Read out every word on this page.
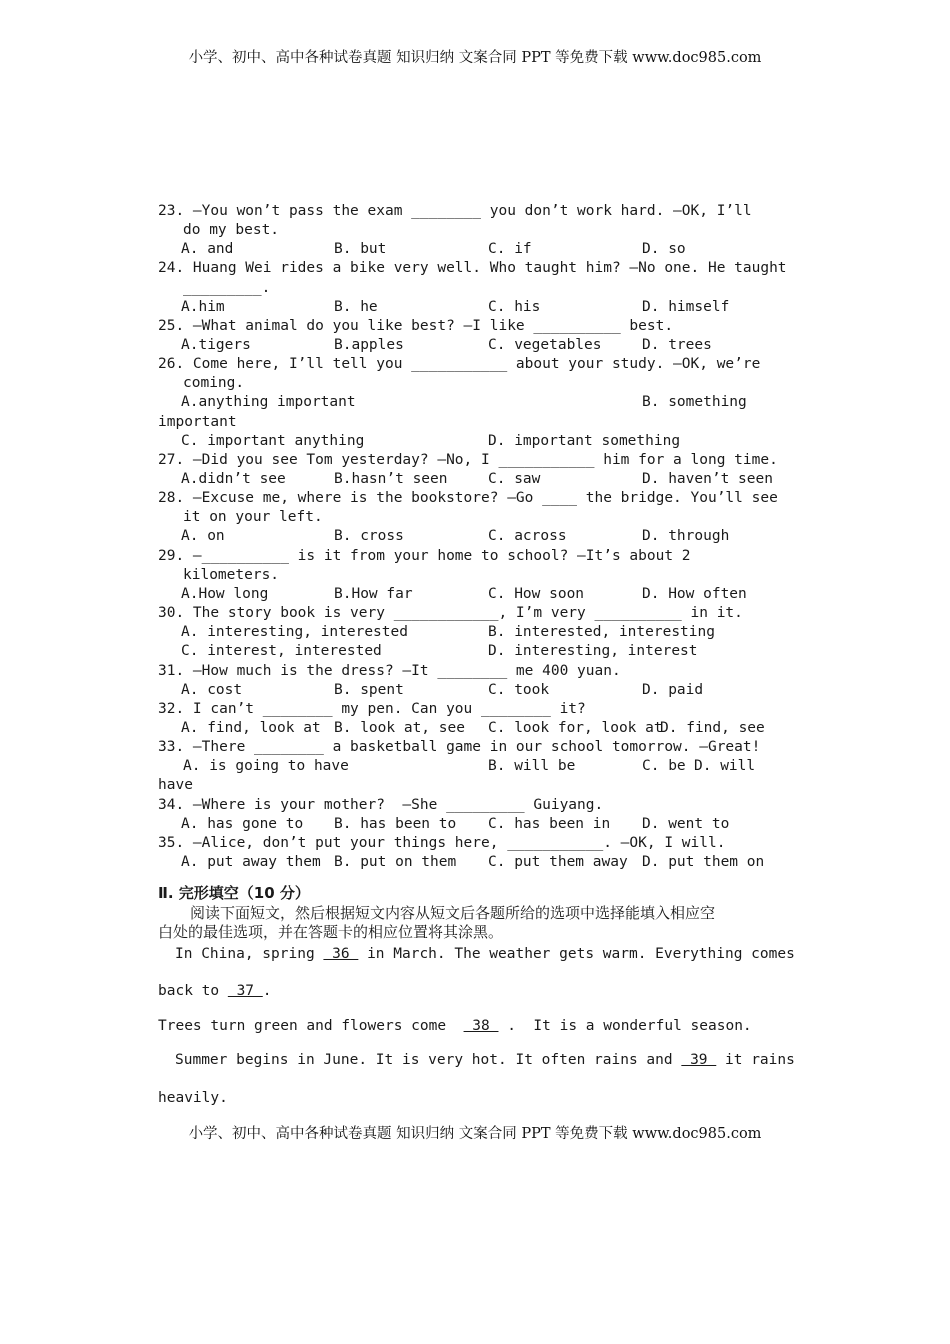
小学、初中、高中各种试卷真题 知识归纳 文案合同 PPT 等免费下载 www.doc985.com
23. —You won’t pass the exam ________ you don’t work hard. —OK, I’ll
do my best.
A. and	B. but	C. if	D. so
24. Huang Wei rides a bike very well. Who taught him? —No one. He taught
_________.
A.him	B. he	C. his	D. himself
25. —What animal do you like best? —I like __________ best.
A.tigers	B.apples	C. vegetables	D. trees
26. Come here, I’ll tell you ___________ about your study. —OK, we’re
coming.
A.anything important	B. something
important
C. important anything	D. important something
27. —Did you see Tom yesterday? —No, I ___________ him for a long time.
A.didn’t see	B.hasn’t seen	C. saw	D. haven’t seen
28. —Excuse me, where is the bookstore? —Go ____ the bridge. You’ll see
it on your left.
A. on	B. cross	C. across	D. through
29. —__________ is it from your home to school? —It’s about 2
kilometers.
A.How long	B.How far	C. How soon	D. How often
30. The story book is very ____________, I’m very __________ in it.
A. interesting, interested	B. interested, interesting
C. interest, interested	D. interesting, interest
31. —How much is the dress? —It ________ me 400 yuan.
A. cost	B. spent	C. took	D. paid
32. I can’t ________ my pen. Can you ________ it?
A. find, look at B. look at, see C. look for, look at
D. find, see
33. —There ________ a basketball game in our school tomorrow. —Great!
A. is going to have	B. will be	C. be D. will
have
34. —Where is your mother?  —She _________ Guiyang.
A. has gone to B. has been to C. has been in D. went to
35. —Alice, don’t put your things here, ___________. —OK, I will.
A. put away them B. put on them C. put them away D. put them on
Ⅱ. 完形填空（10 分）
阅读下面短文，然后根据短文内容从短文后各题所给的选项中选择能填入相应空
白处的最佳选项，并在答题卡的相应位置将其涂黑。
In China, spring  36  in March. The weather gets warm. Everything comes
back to  37 .
Trees turn green and flowers come   38  .  It is a wonderful season.
Summer begins in June. It is very hot. It often rains and  39  it rains
heavily.
小学、初中、高中各种试卷真题 知识归纳 文案合同 PPT 等免费下载 www.doc985.com
